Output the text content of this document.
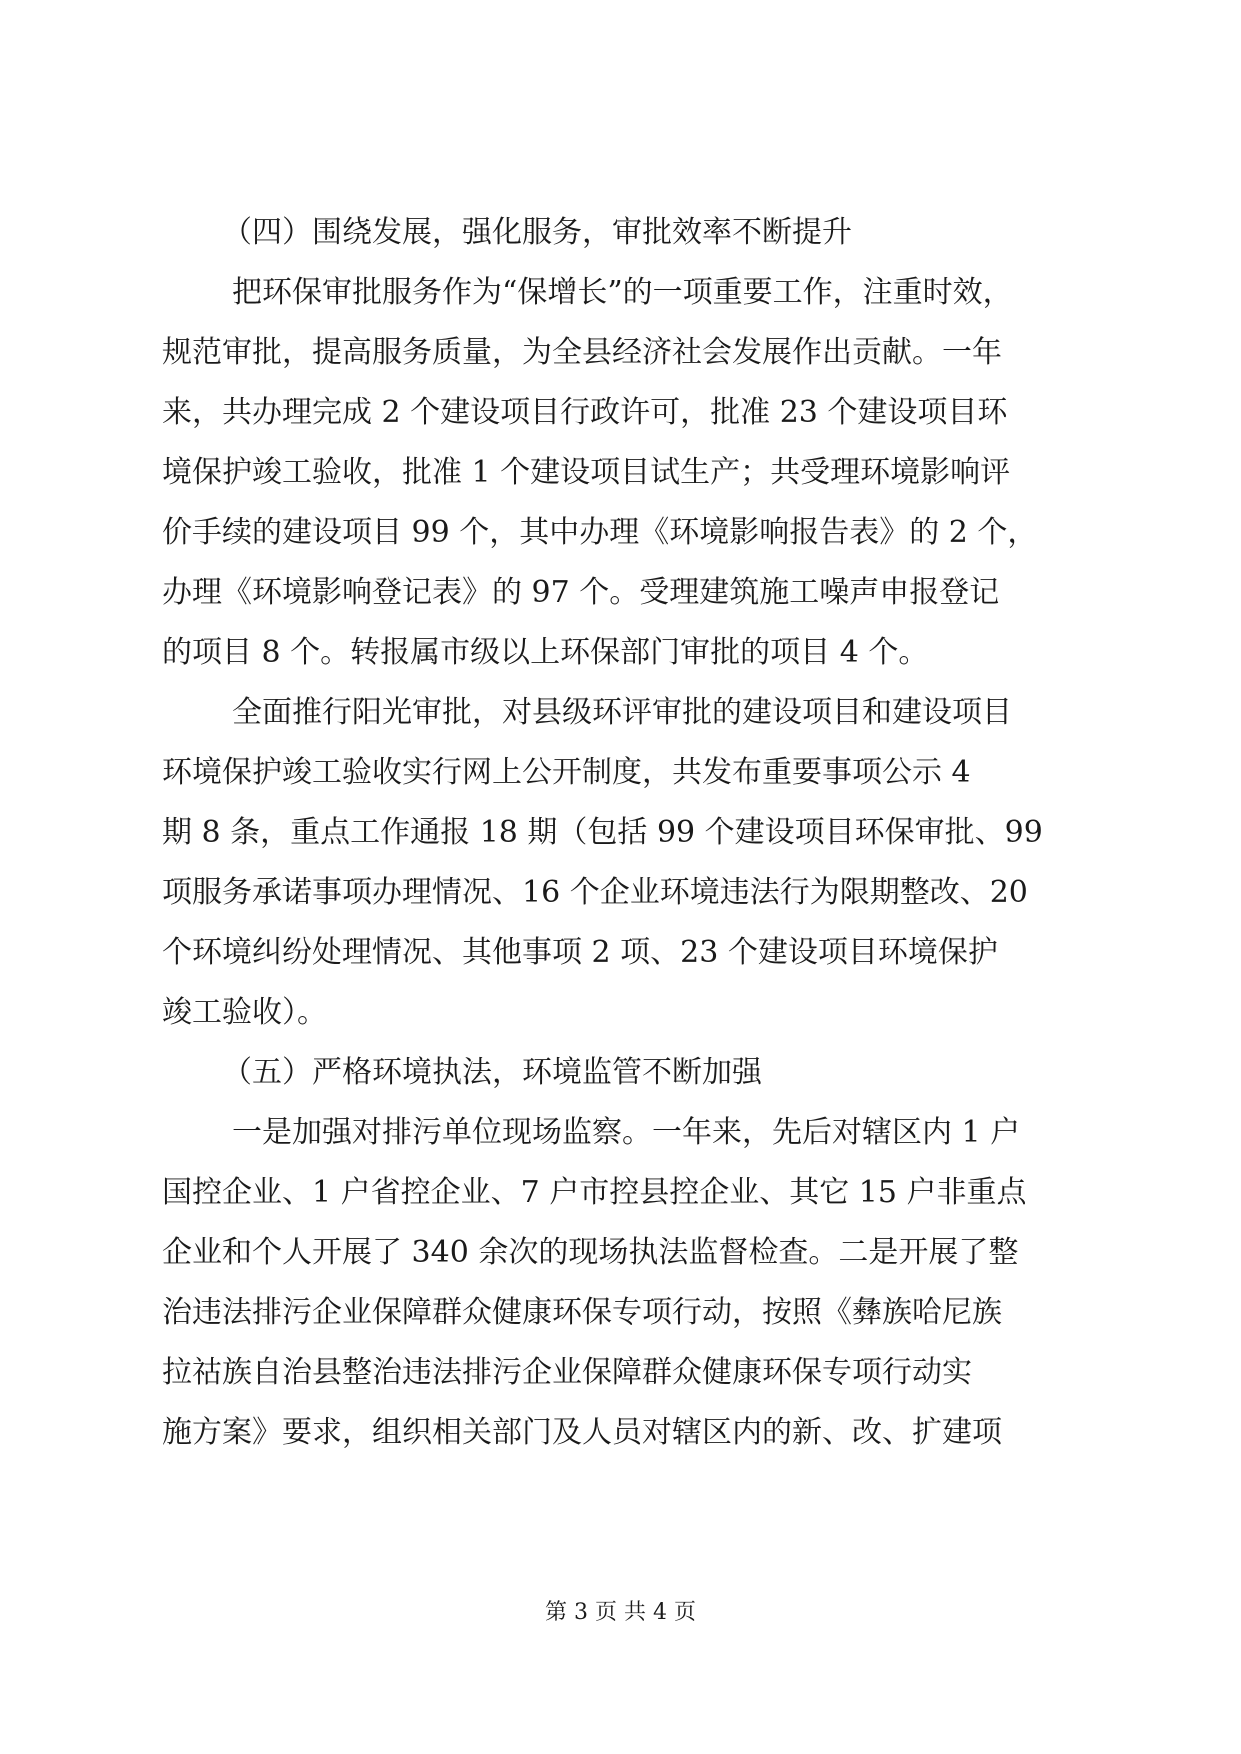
（四）围绕发展，强化服务，审批效率不断提升
把环保审批服务作为“保增长”的一项重要工作，注重时效，
规范审批，提高服务质量，为全县经济社会发展作出贡献。一年
来，共办理完成 2 个建设项目行政许可，批准 23 个建设项目环
境保护竣工验收，批准 1 个建设项目试生产；共受理环境影响评
价手续的建设项目 99 个，其中办理《环境影响报告表》的 2 个，
办理《环境影响登记表》的 97 个。受理建筑施工噪声申报登记
的项目 8 个。转报属市级以上环保部门审批的项目 4 个。
全面推行阳光审批，对县级环评审批的建设项目和建设项目
环境保护竣工验收实行网上公开制度，共发布重要事项公示 4
期 8 条，重点工作通报 18 期（包括 99 个建设项目环保审批、99
项服务承诺事项办理情况、16 个企业环境违法行为限期整改、20
个环境纠纷处理情况、其他事项 2 项、23 个建设项目环境保护
竣工验收）。
（五）严格环境执法，环境监管不断加强
一是加强对排污单位现场监察。一年来，先后对辖区内 1 户
国控企业、1 户省控企业、7 户市控县控企业、其它 15 户非重点
企业和个人开展了 340 余次的现场执法监督检查。二是开展了整
治违法排污企业保障群众健康环保专项行动，按照《彝族哈尼族
拉祜族自治县整治违法排污企业保障群众健康环保专项行动实
施方案》要求，组织相关部门及人员对辖区内的新、改、扩建项
第 3 页 共 4 页
